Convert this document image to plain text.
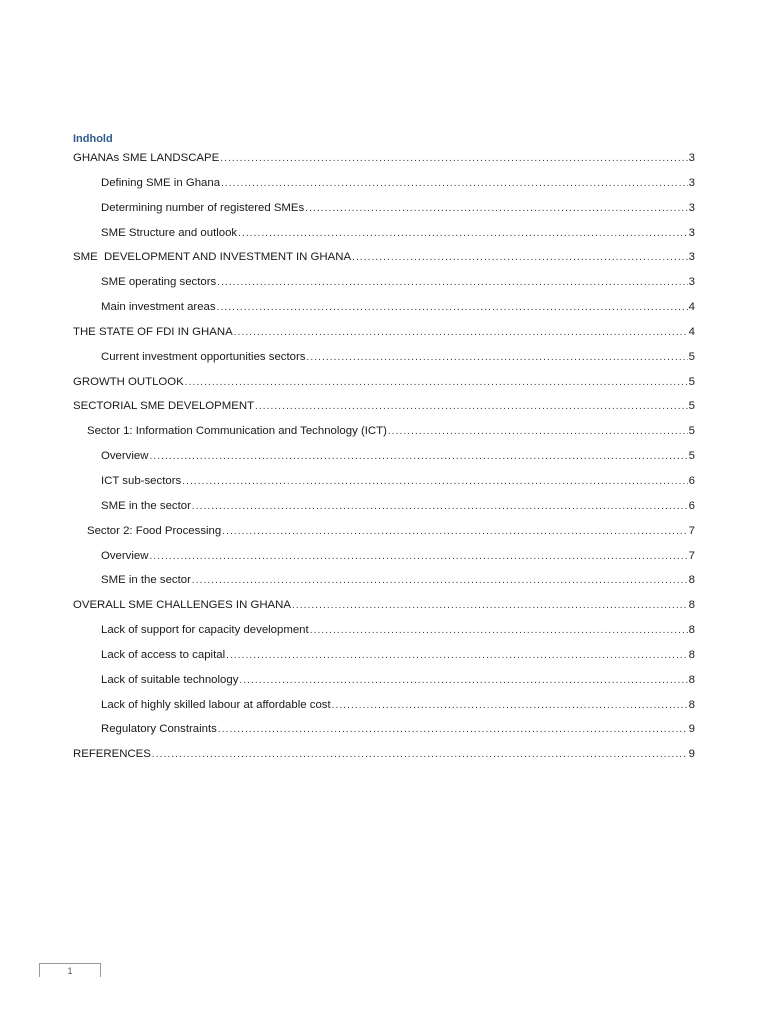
Indhold
GHANAs SME LANDSCAPE .....	3
Defining SME in Ghana .....	3
Determining number of registered SMEs .....	3
SME Structure and outlook .....	3
SME  DEVELOPMENT AND INVESTMENT IN GHANA .....	3
SME operating sectors .....	3
Main investment areas .....	4
THE STATE OF FDI IN GHANA .....	4
Current investment opportunities sectors .....	5
GROWTH OUTLOOK .....	5
SECTORIAL SME DEVELOPMENT .....	5
Sector 1: Information Communication and Technology (ICT) .....	5
Overview .....	5
ICT sub-sectors .....	6
SME in the sector .....	6
Sector 2: Food Processing .....	7
Overview .....	7
SME in the sector .....	8
OVERALL SME CHALLENGES IN GHANA .....	8
Lack of support for capacity development .....	8
Lack of access to capital .....	8
Lack of suitable technology .....	8
Lack of highly skilled labour at affordable cost .....	8
Regulatory Constraints .....	9
REFERENCES .....	9
1
